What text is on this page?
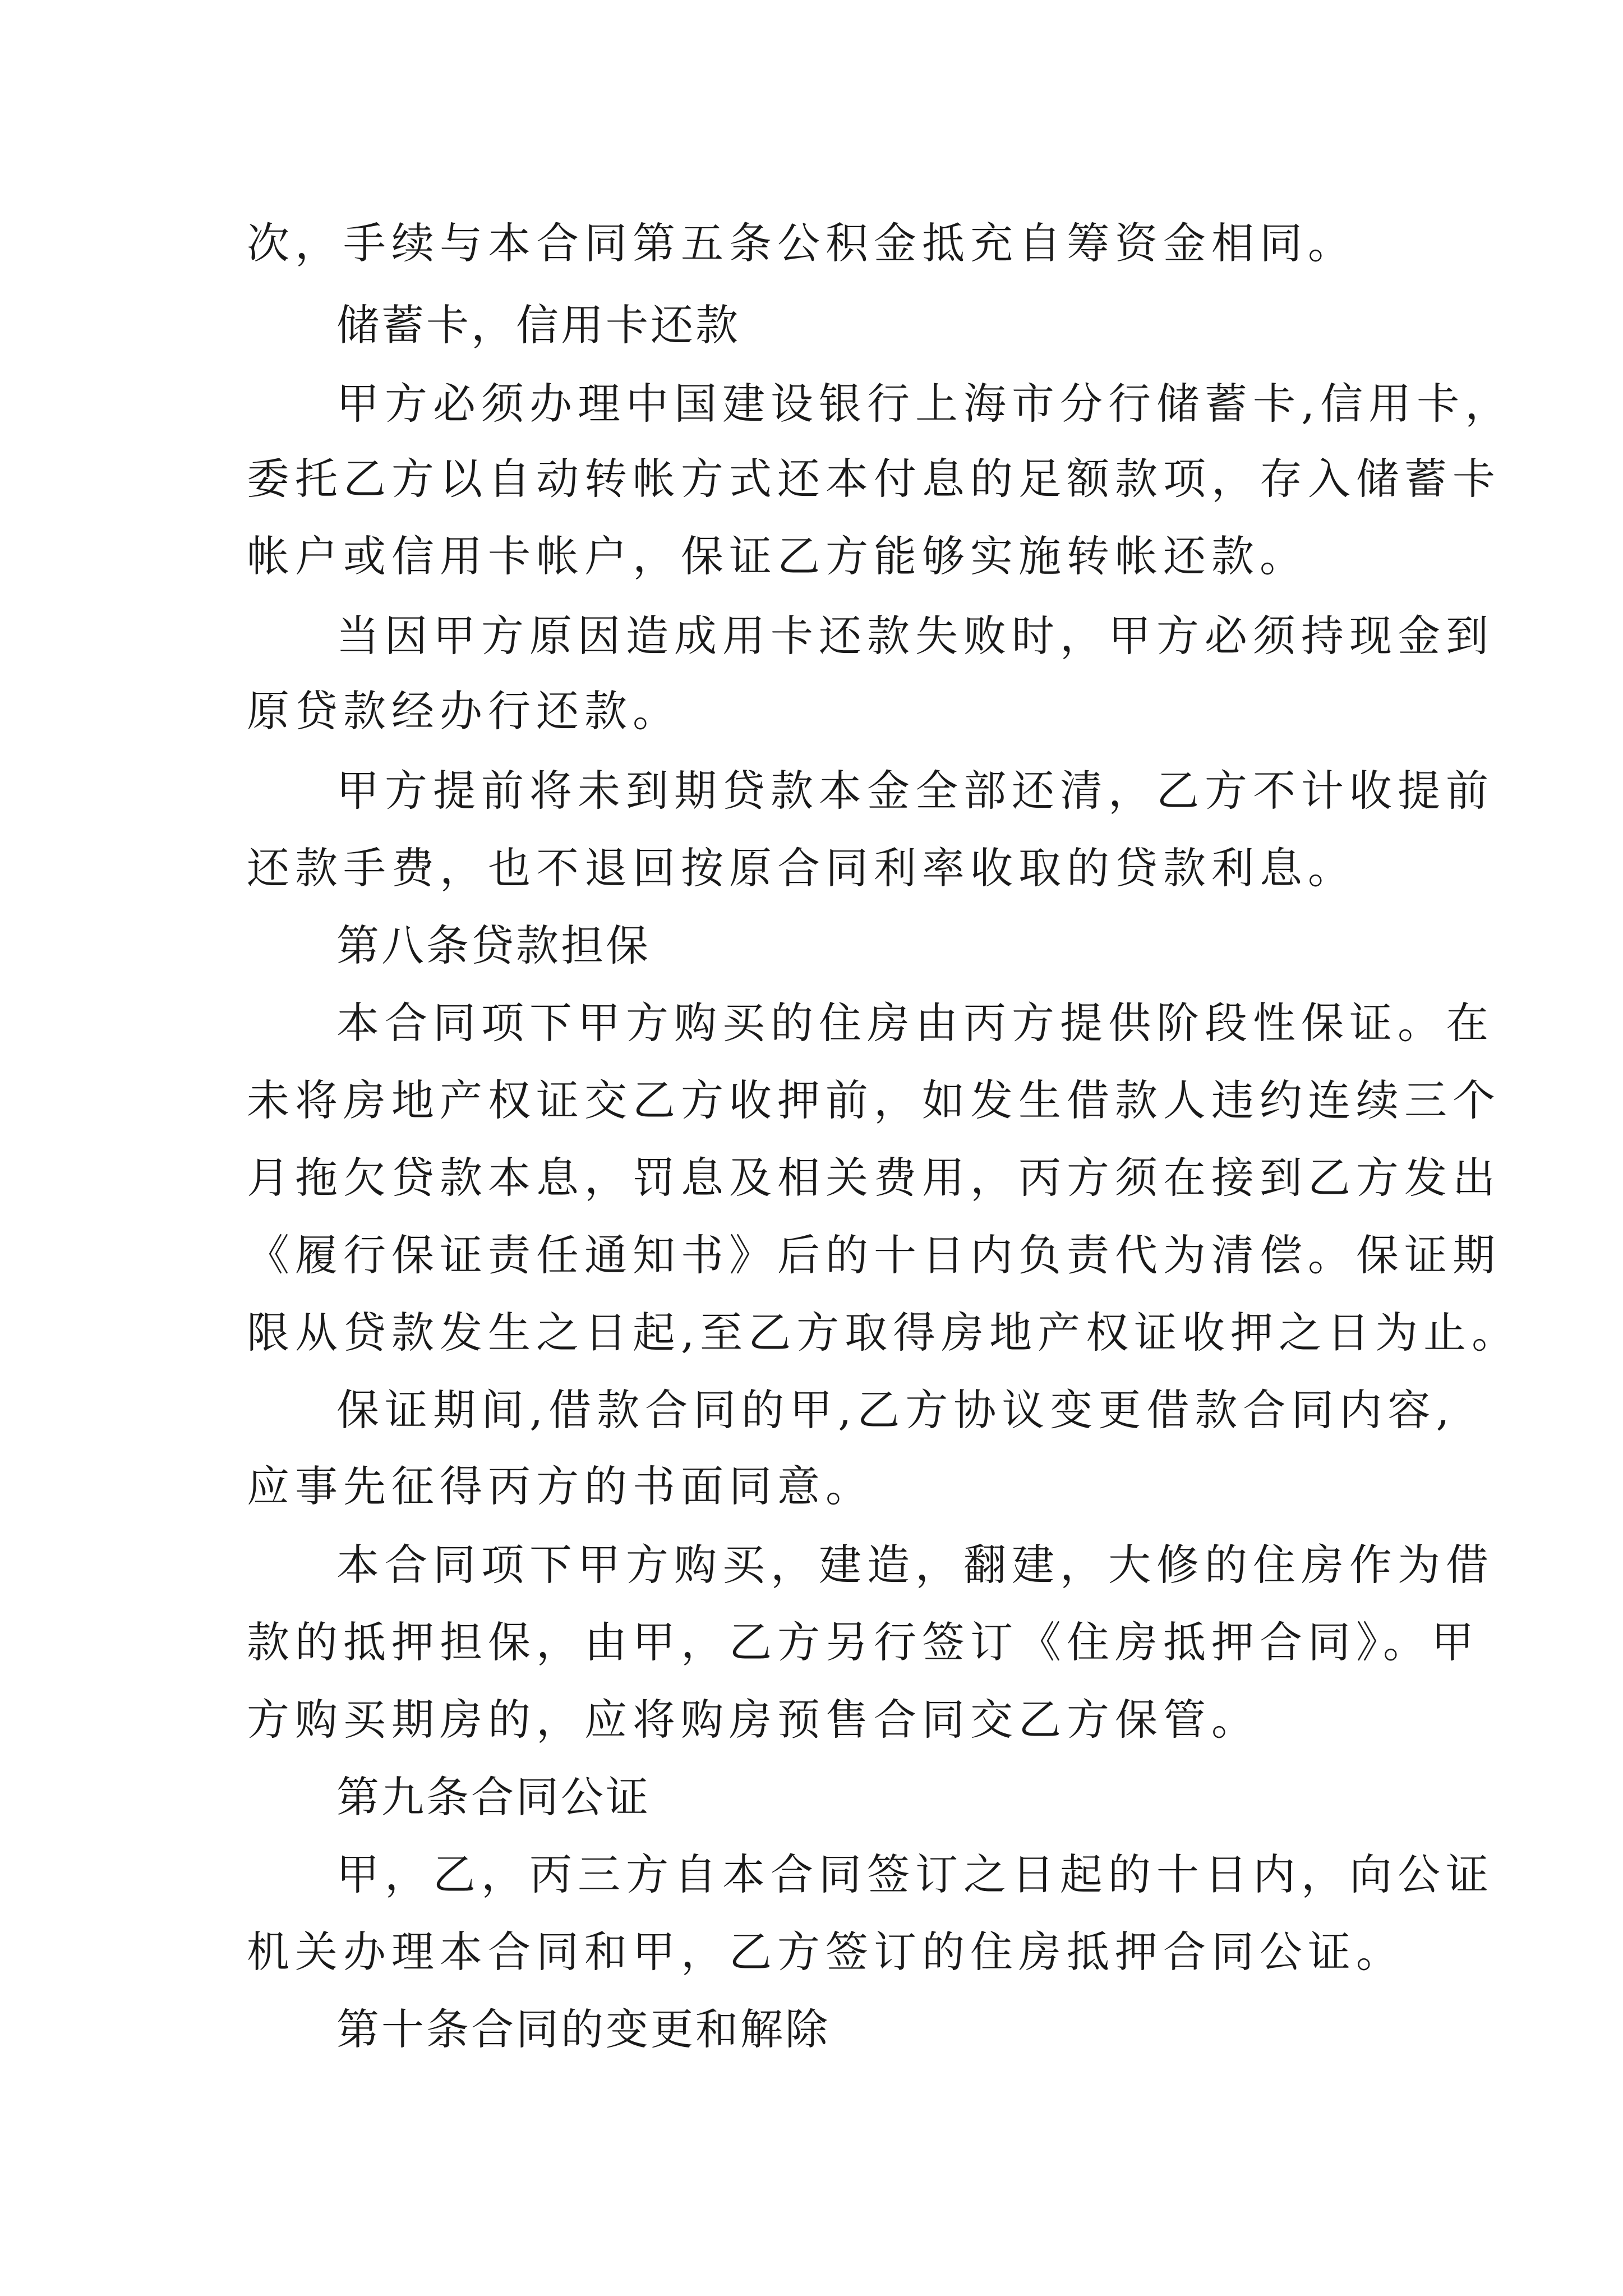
次，手续与本合同第五条公积金抵充自筹资金相同。

储蓄卡，信用卡还款

甲方必须办理中国建设银行上海市分行储蓄卡,信用卡，

委托乙方以自动转帐方式还本付息的足额款项，存入储蓄卡

帐户或信用卡帐户，保证乙方能够实施转帐还款。

当因甲方原因造成用卡还款失败时，甲方必须持现金到

原贷款经办行还款。

甲方提前将未到期贷款本金全部还清，乙方不计收提前

还款手费，也不退回按原合同利率收取的贷款利息。

第八条贷款担保

本合同项下甲方购买的住房由丙方提供阶段性保证。在

未将房地产权证交乙方收押前，如发生借款人违约连续三个

月拖欠贷款本息，罚息及相关费用，丙方须在接到乙方发出

《履行保证责任通知书》后的十日内负责代为清偿。保证期

限从贷款发生之日起,至乙方取得房地产权证收押之日为止。

保证期间,借款合同的甲,乙方协议变更借款合同内容,

应事先征得丙方的书面同意。

本合同项下甲方购买，建造，翻建，大修的住房作为借

款的抵押担保，由甲，乙方另行签订《住房抵押合同》。甲

方购买期房的，应将购房预售合同交乙方保管。

第九条合同公证

甲，乙，丙三方自本合同签订之日起的十日内，向公证

机关办理本合同和甲，乙方签订的住房抵押合同公证。

第十条合同的变更和解除
